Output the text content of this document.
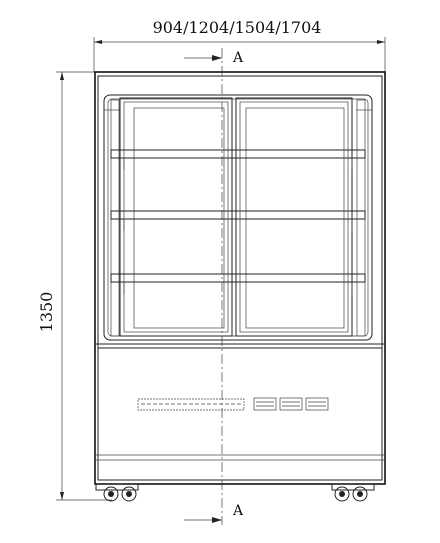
904/1204/1504/1704
1350
A
A
